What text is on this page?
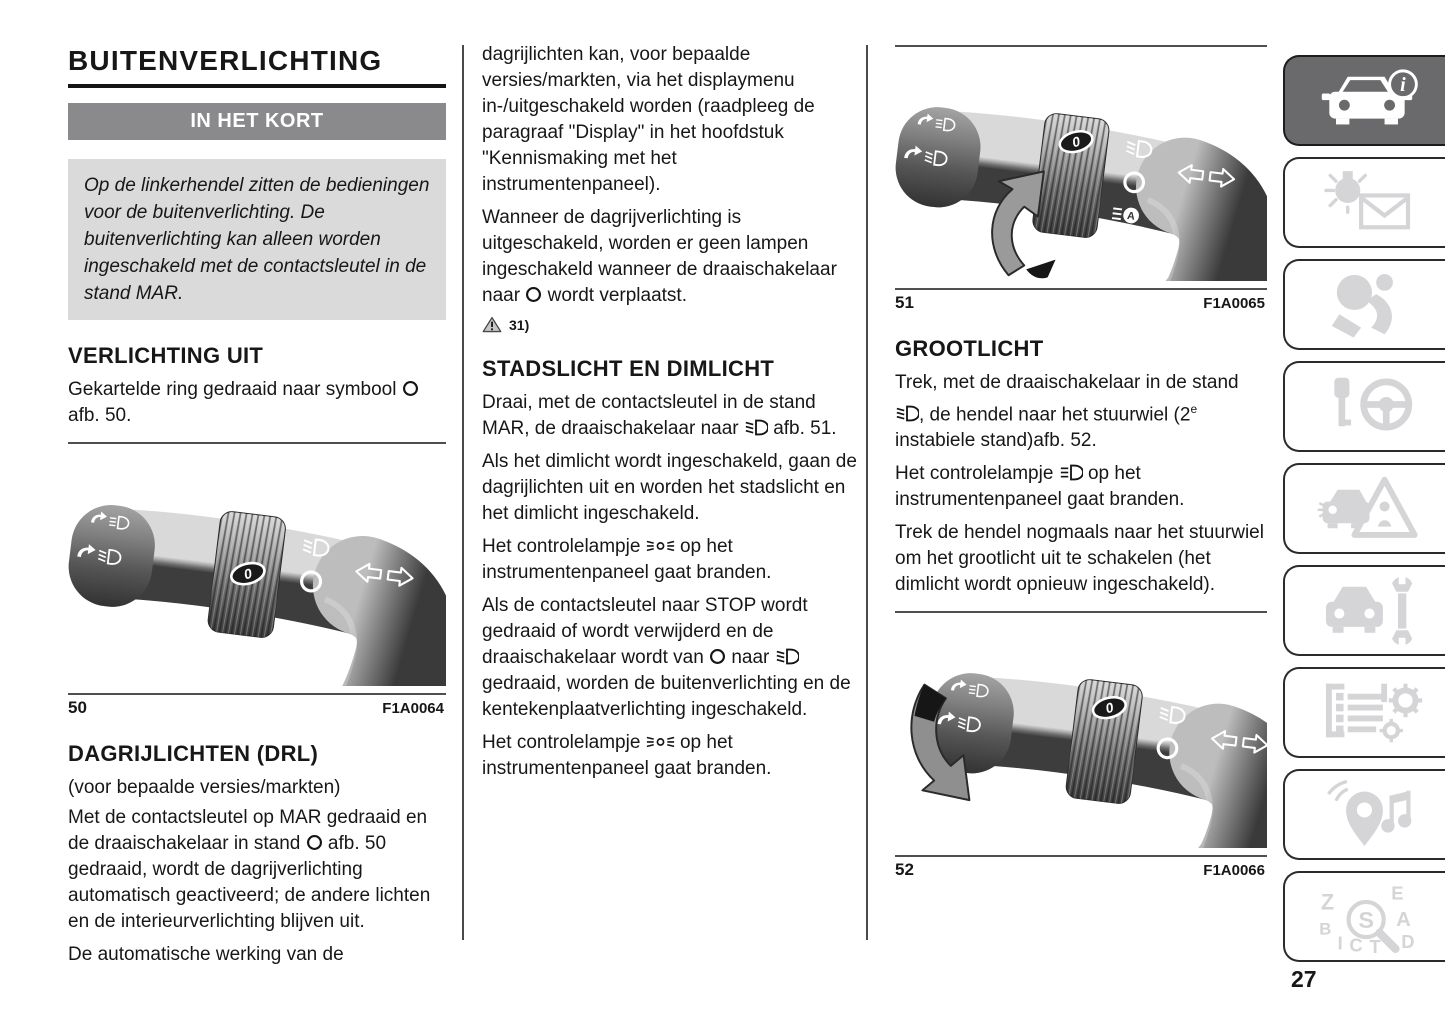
BUITENVERLICHTING
IN HET KORT
Op de linkerhendel zitten de bedieningen voor de buitenverlichting. De buitenverlichting kan alleen worden ingeschakeld met de contactsleutel in de stand MAR.
VERLICHTING UIT

Gekartelde ring gedraaid naar symbool
afb. 50.

0
50	F1A0064
DAGRIJLICHTEN (DRL)

(voor bepaalde versies/markten)

Met de contactsleutel op MAR gedraaid en de draaischakelaar in stand
afb. 50 gedraaid, wordt de dagrijverlichting automatisch geactiveerd; de andere lichten en de interieurverlichting blijven uit.

De automatische werking van de

dagrijlichten kan, voor bepaalde versies/markten, via het displaymenu in-/uitgeschakeld worden (raadpleeg de paragraaf "Display" in het hoofdstuk "Kennismaking met het instrumentenpaneel).

Wanneer de dagrijverlichting is uitgeschakeld, worden er geen lampen ingeschakeld wanneer de draaischakelaar naar
wordt verplaatst.

31)
STADSLICHT EN DIMLICHT

Draai, met de contactsleutel in de stand MAR, de draaischakelaar naar
afb. 51.

Als het dimlicht wordt ingeschakeld, gaan de dagrijlichten uit en worden het stadslicht en het dimlicht ingeschakeld.

Het controlelampje
op het instrumentenpaneel gaat branden.

Als de contactsleutel naar STOP wordt gedraaid of wordt verwijderd en de draaischakelaar wordt van
naar
gedraaid, worden de buitenverlichting en de kentekenplaatverlichting ingeschakeld.

Het controlelampje
op het instrumentenpaneel gaat branden.

0
51	F1A0065
GROOTLICHT

Trek, met de draaischakelaar in de stand
, de hendel naar het stuurwiel (2e instabiele stand)afb. 52.

Het controlelampje
op het instrumentenpaneel gaat branden.

Trek de hendel nogmaals naar het stuurwiel om het grootlicht uit te schakelen (het dimlicht wordt opnieuw ingeschakeld).

0
52	F1A0066
i
Z	E
B	A
I C D
T
S
27
